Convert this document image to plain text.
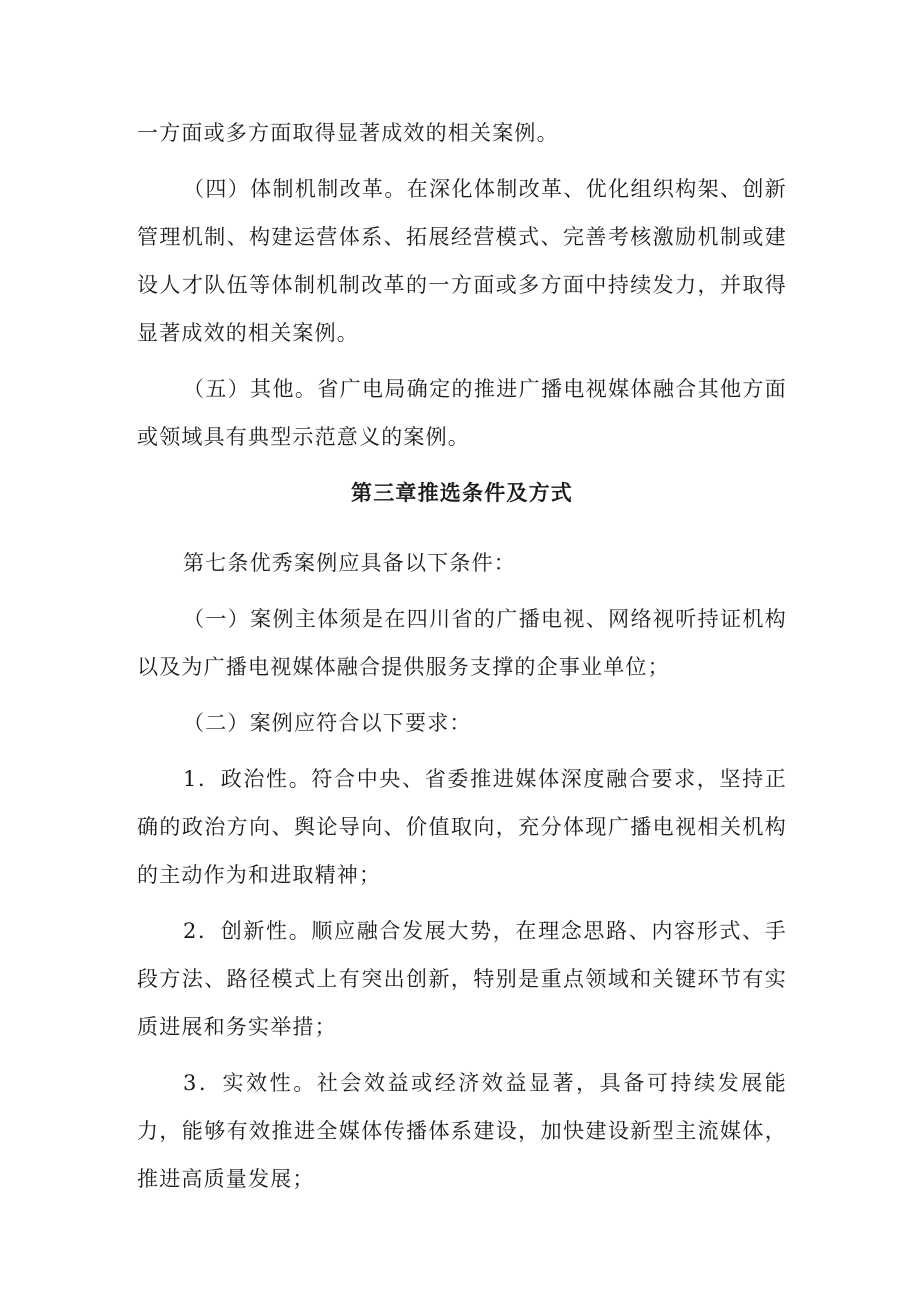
一方面或多方面取得显著成效的相关案例。

（四）体制机制改革。在深化体制改革、优化组织构架、创新管理机制、构建运营体系、拓展经营模式、完善考核激励机制或建设人才队伍等体制机制改革的一方面或多方面中持续发力，并取得显著成效的相关案例。

（五）其他。省广电局确定的推进广播电视媒体融合其他方面或领域具有典型示范意义的案例。

第三章推选条件及方式

第七条优秀案例应具备以下条件：

（一）案例主体须是在四川省的广播电视、网络视听持证机构以及为广播电视媒体融合提供服务支撑的企事业单位；

（二）案例应符合以下要求：

1．政治性。符合中央、省委推进媒体深度融合要求，坚持正确的政治方向、舆论导向、价值取向，充分体现广播电视相关机构的主动作为和进取精神；

2．创新性。顺应融合发展大势，在理念思路、内容形式、手段方法、路径模式上有突出创新，特别是重点领域和关键环节有实质进展和务实举措；

3．实效性。社会效益或经济效益显著，具备可持续发展能力，能够有效推进全媒体传播体系建设，加快建设新型主流媒体，推进高质量发展；
